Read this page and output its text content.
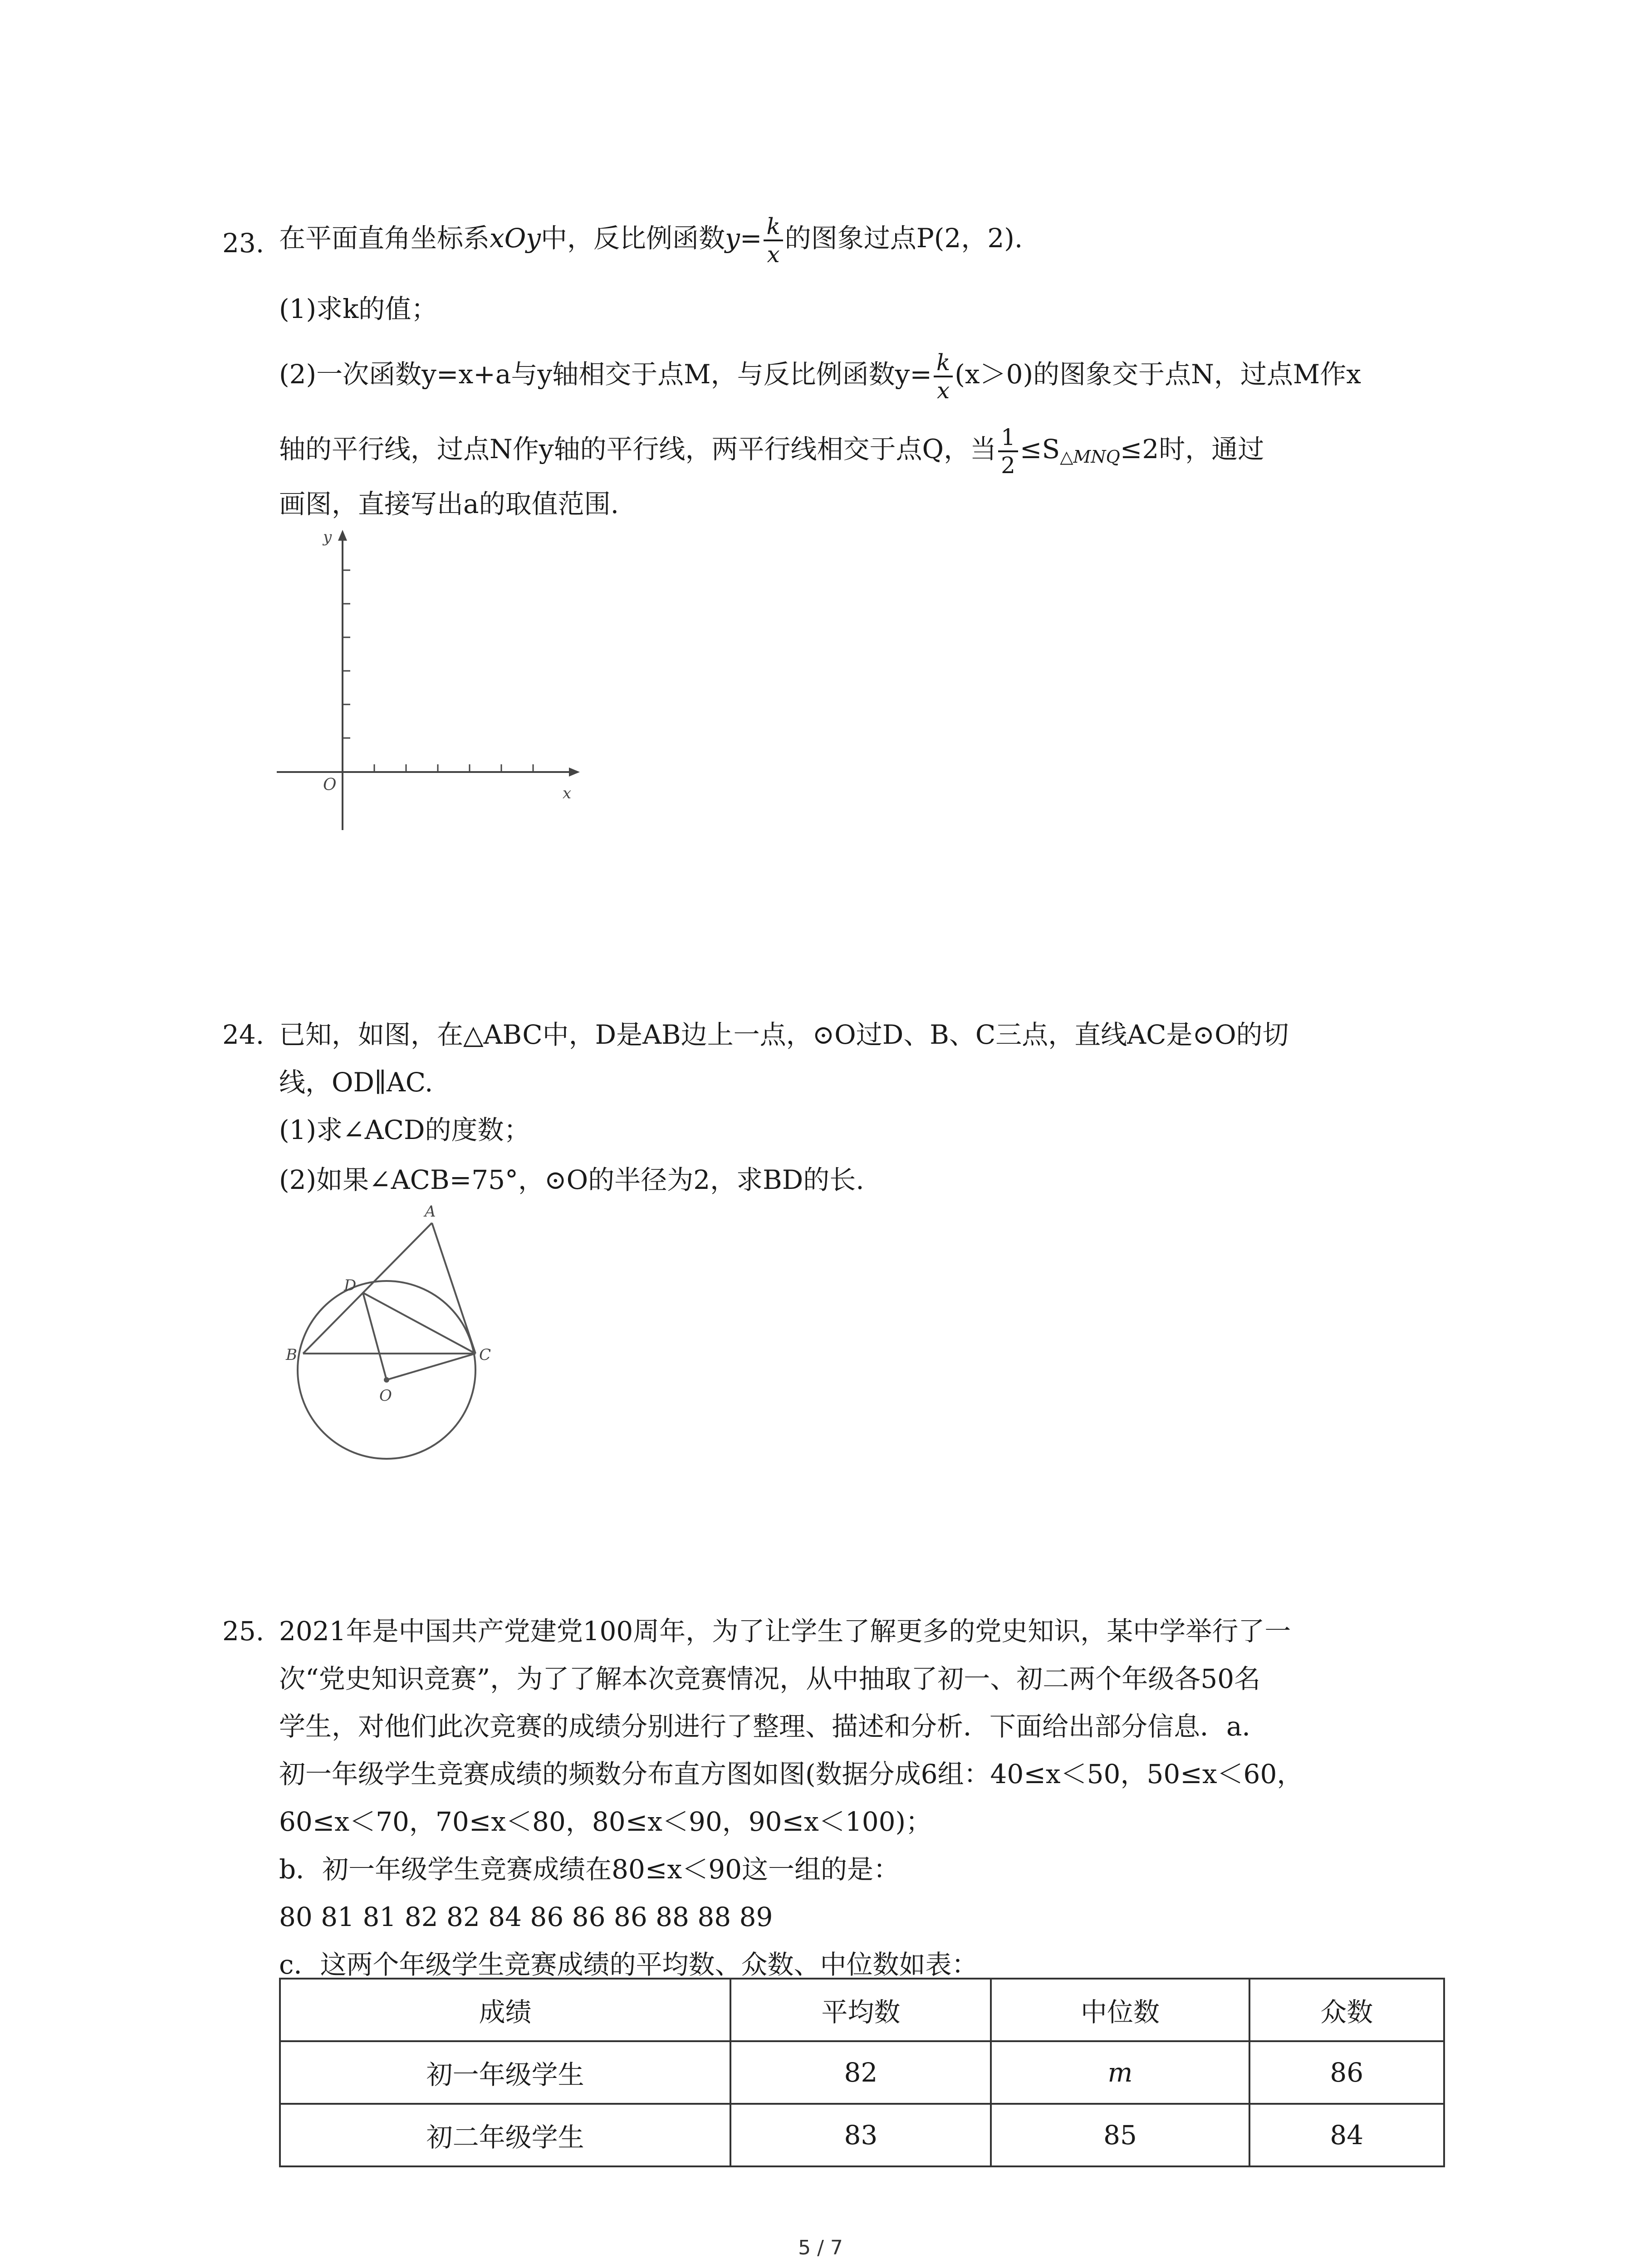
23. 在平面直角坐标系xOy中，反比例函数$y= \frac{k}{x}$ 的图象过点P(2，2).
(1)求k的值；
(2)一次函数y=x+a与y轴相交于点M，与反比例函数$y= \frac{k}{x} (x>0)$的图象交于点N，过点M作x
轴的平行线，过点N作y轴的平行线，两平行线相交于点Q，当 $\frac{1}{2} \le S_{\triangle MNQ}\le 2$时，通过
画图，直接写出a的取值范围.
y
x
O
24. 已知，如图，在△ABC中，D是AB边上一点，⊙O过D、B、C三点，直线AC是⊙O的切
线，OD∥AC.
(1)求∠ACD的度数；
(2)如果∠ACB=75°，⊙O的半径为2，求BD的长.
A
D
B	C
O
25. 2021年是中国共产党建党100周年，为了让学生了解更多的党史知识，某中学举行了一
次“党史知识竞赛”，为了了解本次竞赛情况，从中抽取了初一、初二两个年级各50名
学生，对他们此次竞赛的成绩分别进行了整理、描述和分析．下面给出部分信息．a．
初一年级学生竞赛成绩的频数分布直方图如图(数据分成6组：40≤x＜50，50≤x＜60，
60≤x＜70，70≤x＜80，80≤x＜90，90≤x＜100)；
b．初一年级学生竞赛成绩在80≤x＜90这一组的是：
80 81 81 82 82 84 86 86 86 88 88 89
c．这两个年级学生竞赛成绩的平均数、众数、中位数如表：
成绩	平均数	中位数	众数
初一年级学生	82	m	86
初二年级学生	83	85	84
5 / 7
